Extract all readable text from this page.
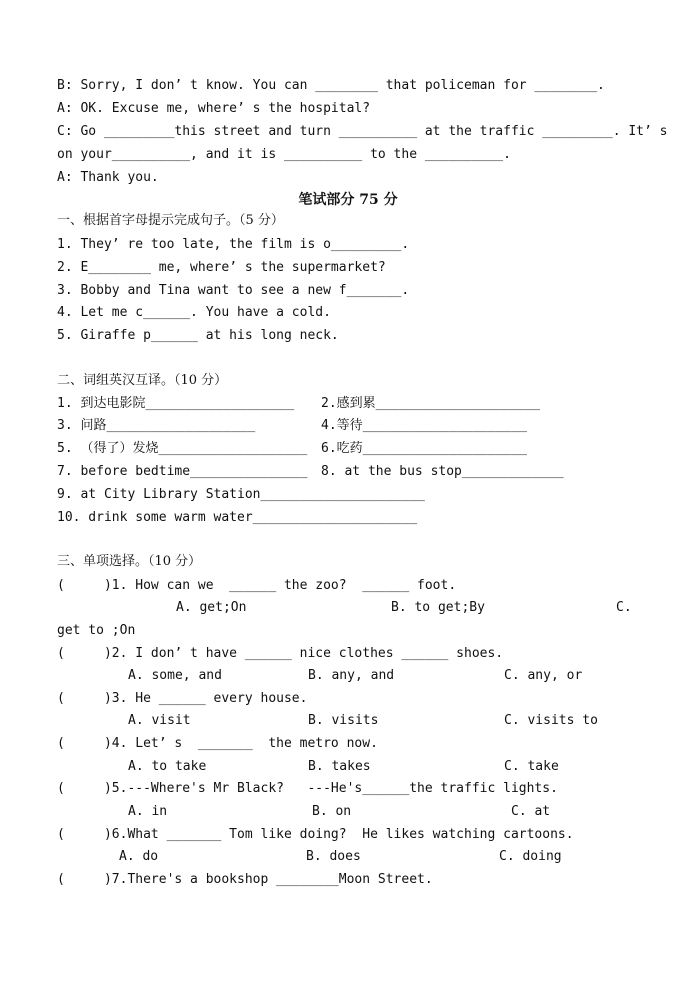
B: Sorry, I don’ t know. You can ________ that policeman for ________.
A: OK. Excuse me, where’ s the hospital?
C: Go _________this street and turn __________ at the traffic _________. It’ s
on your__________, and it is __________ to the __________.
A: Thank you.
笔试部分 75 分
一、根据首字母提示完成句子。（5 分）
1. They’ re too late, the film is o_________.
2. E________ me, where’ s the supermarket?
3. Bobby and Tina want to see a new f_______.
4. Let me c______. You have a cold.
5. Giraffe p______ at his long neck.
二、词组英汉互译。（10 分）
1. 到达电影院___________________ 2.感到累_____________________
3. 问路___________________	4.等待_____________________
5. （得了）发烧___________________ 6.吃药_____________________
7. before bedtime_______________ 8. at the bus stop_____________
9. at City Library Station_____________________
10. drink some warm water_____________________
三、单项选择。（10 分）
(     )1. How can we  ______ the zoo?  ______ foot.
A. get;On	B. to get;By	C.
get to ;On
(     )2. I don’ t have ______ nice clothes ______ shoes.
A. some, and	B. any, and	C. any, or
(     )3. He ______ every house.
A. visit	B. visits	C. visits to
(     )4. Let’ s  _______  the metro now.
A. to take	B. takes	C. take
(     )5.---Where's Mr Black?   ---He's______the traffic lights.
A. in	B. on	C. at
(     )6.What _______ Tom like doing?  He likes watching cartoons.
A. do	B. does	C. doing
(     )7.There's a bookshop ________Moon Street.
